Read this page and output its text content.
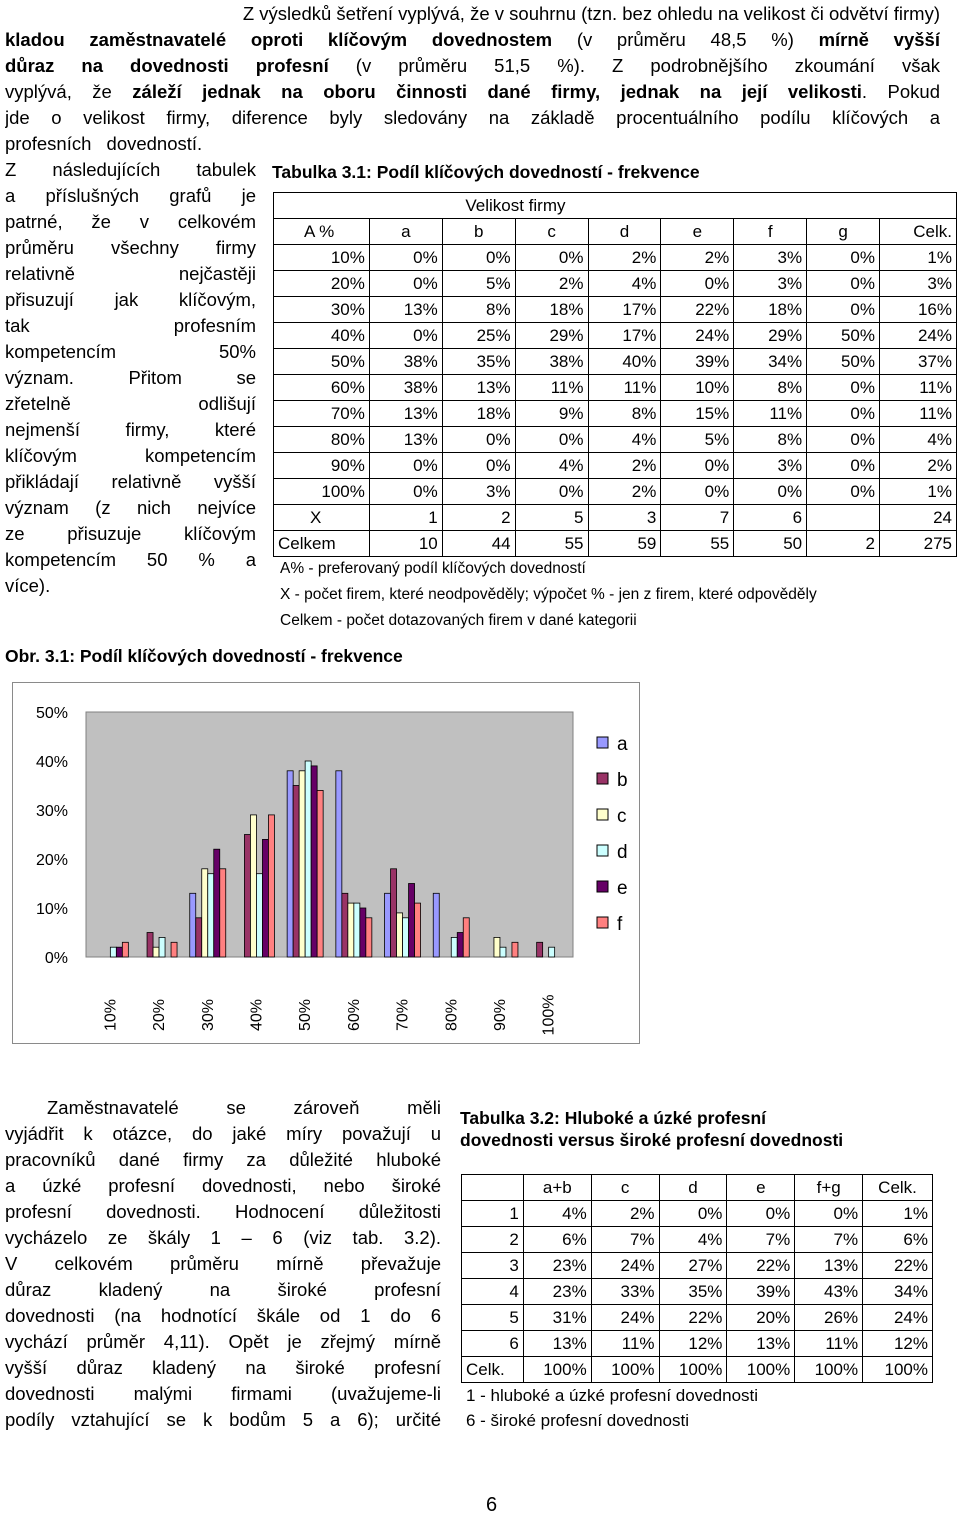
Z výsledků šetření vyplývá, že v souhrnu (tzn. bez ohledu na velikost či odvětví firmy)
kladou zaměstnavatelé oproti klíčovým dovednostem (v průměru 48,5 %) mírně vyšší
důraz na dovednosti profesní (v průměru 51,5 %). Z podrobnějšího zkoumání však
vyplývá, že záleží jednak na oboru činnosti dané firmy, jednak na její velikosti. Pokud
jde o velikost firmy, diference byly sledovány na základě procentuálního podílu klíčových a
profesních dovedností.
Z následujících tabulek
a příslušných grafů je
patrné, že v celkovém
průměru všechny firmy
relativně nejčastěji
přisuzují jak klíčovým,
tak profesním
kompetencím 50%
význam. Přitom se
zřetelně odlišují
nejmenší firmy, které
klíčovým kompetencím
přikládají relativně vyšší
význam (z nich nejvíce
ze přisuzuje klíčovým
kompetencím 50 % a
více).
Tabulka 3.1: Podíl klíčových dovedností - frekvence
	Velikost firmy							
A %	a	b	c	d	e	f	g	Celk.
10%	0%	0%	0%	2%	2%	3%	0%	1%
20%	0%	5%	2%	4%	0%	3%	0%	3%
30%	13%	8%	18%	17%	22%	18%	0%	16%
40%	0%	25%	29%	17%	24%	29%	50%	24%
50%	38%	35%	38%	40%	39%	34%	50%	37%
60%	38%	13%	11%	11%	10%	8%	0%	11%
70%	13%	18%	9%	8%	15%	11%	0%	11%
80%	13%	0%	0%	4%	5%	8%	0%	4%
90%	0%	0%	4%	2%	0%	3%	0%	2%
100%	0%	3%	0%	2%	0%	0%	0%	1%
X	1	2	5	3	7	6		24
Celkem	10	44	55	59	55	50	2	275
A% - preferovaný podíl klíčových dovedností
X - počet firem, které neodpověděly; výpočet % - jen z firem, které odpověděly
Celkem - počet dotazovaných firem v dané kategorii
Obr. 3.1: Podíl klíčových dovedností - frekvence
0%
10%
20%
30%
40%
50%
10% 20% 30% 40% 50% 60% 70% 80% 90% 100%
a
b
c
d
e
f
Zaměstnavatelé se zároveň měli
vyjádřit k otázce, do jaké míry považují u
pracovníků dané firmy za důležité hluboké
a úzké profesní dovednosti, nebo široké
profesní dovednosti. Hodnocení důležitosti
vycházelo ze škály 1 – 6 (viz tab. 3.2).
V celkovém průměru mírně převažuje
důraz kladený na široké profesní
dovednosti (na hodnotící škále od 1 do 6
vychází průměr 4,11). Opět je zřejmý mírně
vyšší důraz kladený na široké profesní
dovednosti malými firmami (uvažujeme-li
podíly vztahující se k bodům 5 a 6); určité
Tabulka 3.2: Hluboké a úzké profesní
dovednosti versus široké profesní dovednosti
	a+b	c	d	e	f+g	Celk.
1	4%	2%	0%	0%	0%	1%
2	6%	7%	4%	7%	7%	6%
3	23%	24%	27%	22%	13%	22%
4	23%	33%	35%	39%	43%	34%
5	31%	24%	22%	20%	26%	24%
6	13%	11%	12%	13%	11%	12%
Celk.	100%	100%	100%	100%	100%	100%
1 - hluboké a úzké profesní dovednosti
6 - široké profesní dovednosti
6
